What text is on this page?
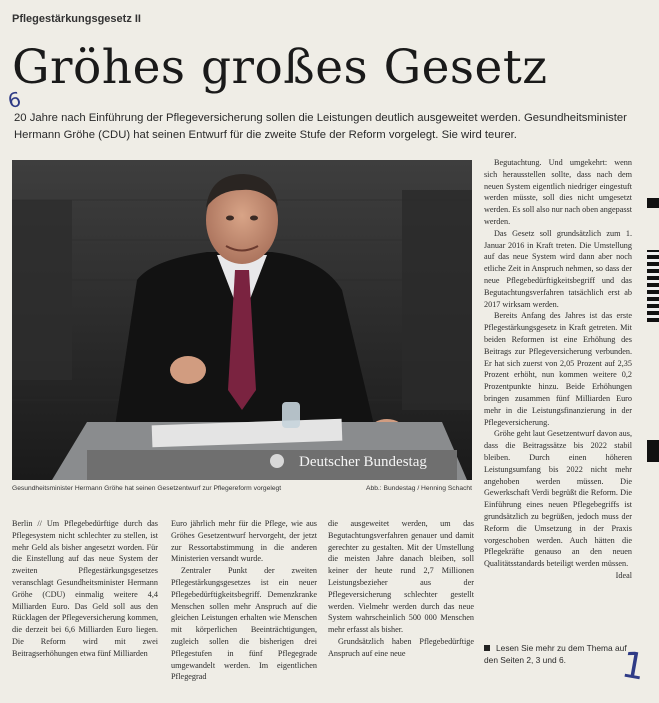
Pflegestärkungsgesetz II
Gröhes großes Gesetz
6
20 Jahre nach Einführung der Pflegeversicherung sollen die Leistungen deutlich ausgeweitet werden. Gesundheitsminister Hermann Gröhe (CDU) hat seinen Entwurf für die zweite Stufe der Reform vorgelegt. Sie wird teurer.
Deutscher Bundestag
Gesundheitsminister Hermann Gröhe hat seinen Gesetzentwurf zur Pflegereform vorgelegt	Abb.: Bundestag / Henning Schacht

Begutachtung. Und umgekehrt: wenn sich herausstellen sollte, dass nach dem neuen System eigentlich niedriger eingestuft werden müsste, soll dies nicht umgesetzt werden. Es soll also nur nach oben angepasst werden.

Das Gesetz soll grundsätzlich zum 1. Januar 2016 in Kraft treten. Die Umstellung auf das neue System wird dann aber noch etliche Zeit in Anspruch nehmen, so dass der neue Pflegebedürftigkeitsbegriff und das Begutachtungsverfahren tatsächlich erst ab 2017 wirksam werden.

Bereits Anfang des Jahres ist das erste Pflegestärkungsgesetz in Kraft getreten. Mit beiden Reformen ist eine Erhöhung des Beitrags zur Pflegeversicherung verbunden. Er hat sich zuerst von 2,05 Prozent auf 2,35 Prozent erhöht, nun kommen weitere 0,2 Prozentpunkte hinzu. Beide Erhöhungen bringen zusammen fünf Milliarden Euro mehr in die Leistungsfinanzierung in der Pflegeversicherung.

Gröhe geht laut Gesetzentwurf davon aus, dass die Beitragssätze bis 2022 stabil bleiben. Durch einen höheren Leistungsumfang bis 2022 nicht mehr angehoben werden müssen. Die Gewerkschaft Verdi begrüßt die Reform. Die Einführung eines neuen Pflegebegriffs ist grundsätzlich zu begrüßen, jedoch muss der Reform die Umsetzung in der Praxis vorgeschoben werden. Auch hätten die Pflegekräfte genauso an den neuen Qualitätsstandards beteiligt werden müssen.

Ideal

Berlin // Um Pflegebedürftige durch das Pflegesystem nicht schlechter zu stellen, ist mehr Geld als bisher angesetzt worden. Für die Einstellung auf das neue System der zweiten Pflegestärkungsgesetzes veranschlagt Gesundheitsminister Hermann Gröhe (CDU) einmalig weitere 4,4 Milliarden Euro. Das Geld soll aus den Rücklagen der Pflegeversicherung kommen, die derzeit bei 6,6 Milliarden Euro liegen. Die Reform wird mit zwei Beitragserhöhungen etwa fünf Milliarden

Euro jährlich mehr für die Pflege, wie aus Gröhes Gesetzentwurf hervorgeht, der jetzt zur Ressortabstimmung in die anderen Ministerien versandt wurde.

Zentraler Punkt der zweiten Pflegestärkungsgesetzes ist ein neuer Pflegebedürftigkeitsbegriff. Demenzkranke Menschen sollen mehr Anspruch auf die gleichen Leistungen erhalten wie Menschen mit körperlichen Beeinträchtigungen, zugleich sollen die bisherigen drei Pflegestufen in fünf Pflegegrade umgewandelt werden. Im eigentlichen Pflegegrad

die ausgeweitet werden, um das Begutachtungsverfahren genauer und damit gerechter zu gestalten. Mit der Umstellung die meisten Jahre danach bleiben, soll keiner der heute rund 2,7 Millionen Leistungsbezieher aus der Pflegeversicherung schlechter gestellt werden. Vielmehr werden durch das neue System wahrscheinlich 500 000 Menschen mehr erfasst als bisher.

Grundsätzlich haben Pflegebedürftige Anspruch auf eine neue

Lesen Sie mehr zu dem Thema auf den Seiten 2, 3 und 6.	1
